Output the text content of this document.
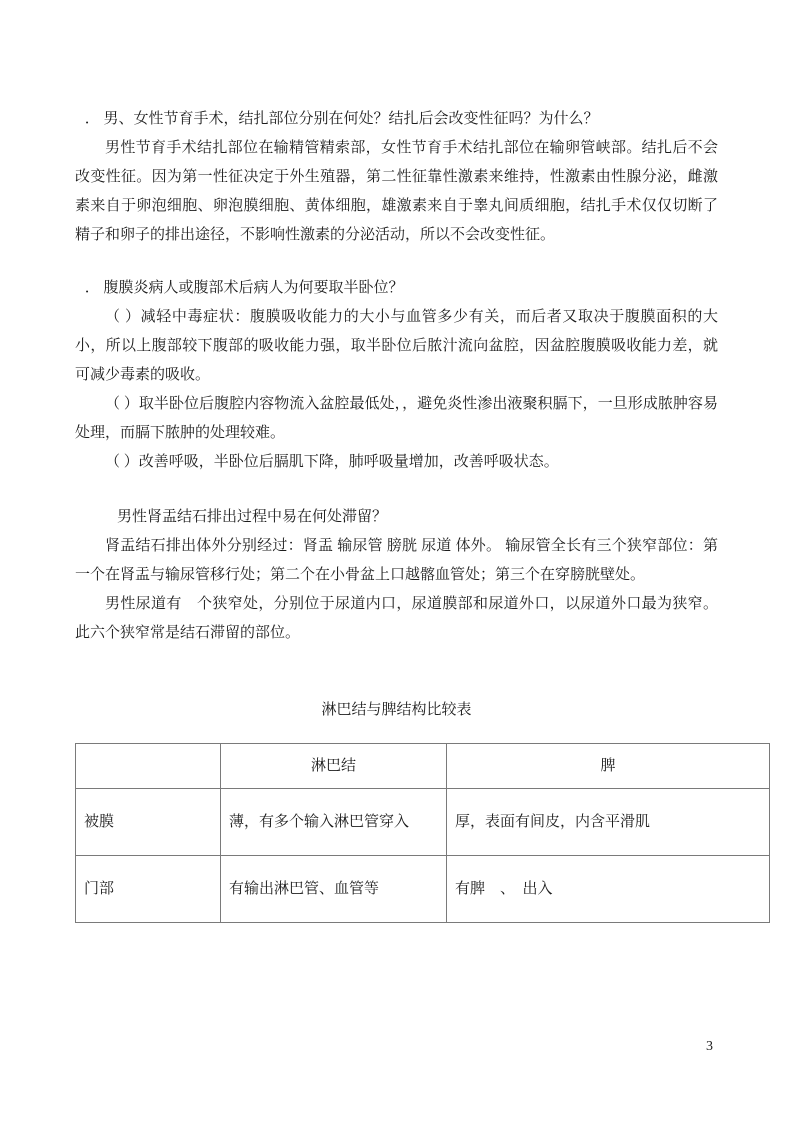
． 男、女性节育手术，结扎部位分别在何处？结扎后会改变性征吗？为什么？

男性节育手术结扎部位在输精管精索部，女性节育手术结扎部位在输卵管峡部。结扎后不会改变性征。因为第一性征决定于外生殖器，第二性征靠性激素来维持，性激素由性腺分泌，雌激素来自于卵泡细胞、卵泡膜细胞、黄体细胞，雄激素来自于睾丸间质细胞，结扎手术仅仅切断了精子和卵子的排出途径，不影响性激素的分泌活动，所以不会改变性征。

． 腹膜炎病人或腹部术后病人为何要取半卧位？

（ ）减轻中毒症状：腹膜吸收能力的大小与血管多少有关，而后者又取决于腹膜面积的大小，所以上腹部较下腹部的吸收能力强，取半卧位后脓汁流向盆腔，因盆腔腹膜吸收能力差，就可减少毒素的吸收。

（ ）取半卧位后腹腔内容物流入盆腔最低处，，避免炎性渗出液聚积膈下，一旦形成脓肿容易处理，而膈下脓肿的处理较难。

（ ）改善呼吸，半卧位后膈肌下降，肺呼吸量增加，改善呼吸状态。

男性肾盂结石排出过程中易在何处滞留？

肾盂结石排出体外分别经过：肾盂 输尿管 膀胱 尿道 体外。 输尿管全长有三个狭窄部位：第一个在肾盂与输尿管移行处；第二个在小骨盆上口越髂血管处；第三个在穿膀胱壁处。

男性尿道有　个狭窄处，分别位于尿道内口，尿道膜部和尿道外口，以尿道外口最为狭窄。此六个狭窄常是结石滞留的部位。

淋巴结与脾结构比较表

	淋巴结	脾
被膜	薄，有多个输入淋巴管穿入	厚，表面有间皮，内含平滑肌
门部	有输出淋巴管、血管等	有脾　、　出入
3
